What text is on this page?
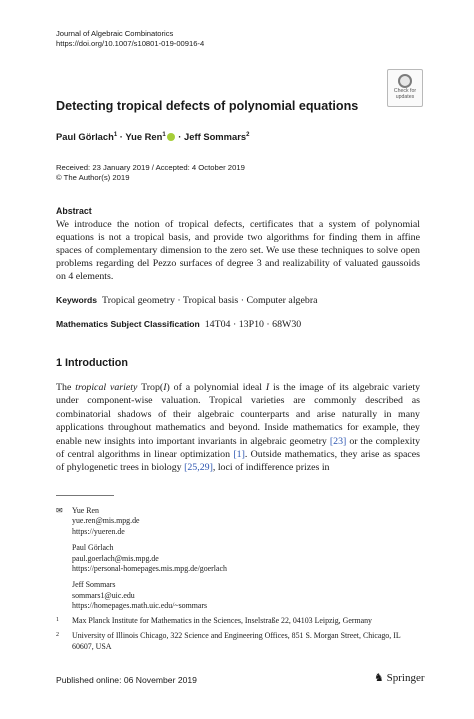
Journal of Algebraic Combinatorics
https://doi.org/10.1007/s10801-019-00916-4
Check for
updates
Detecting tropical defects of polynomial equations
Paul Görlach$^1$ · Yue Ren$^1$ · Jeff Sommars$^2$
Received: 23 January 2019 / Accepted: 4 October 2019
© The Author(s) 2019
Abstract
We introduce the notion of tropical defects, certificates that a system of polynomial equations is not a tropical basis, and provide two algorithms for finding them in affine spaces of complementary dimension to the zero set. We use these techniques to solve open problems regarding del Pezzo surfaces of degree 3 and realizability of valuated gaussoids on 4 elements.
Keywords Tropical geometry · Tropical basis · Computer algebra
Mathematics Subject Classification 14T04 · 13P10 · 68W30
1 Introduction
The tropical variety Trop(I) of a polynomial ideal I is the image of its algebraic variety under component-wise valuation. Tropical varieties are commonly described as combinatorial shadows of their algebraic counterparts and arise naturally in many applications throughout mathematics and beyond. Inside mathematics for example, they enable new insights into important invariants in algebraic geometry [23] or the complexity of central algorithms in linear optimization [1]. Outside mathematics, they arise as spaces of phylogenetic trees in biology [25,29], loci of indifference prizes in
✉ Yue Ren
yue.ren@mis.mpg.de
https://yueren.de
Paul Görlach
paul.goerlach@mis.mpg.de
https://personal-homepages.mis.mpg.de/goerlach
Jeff Sommars
sommars1@uic.edu
https://homepages.math.uic.edu/~sommars
1 Max Planck Institute for Mathematics in the Sciences, Inselstraße 22, 04103 Leipzig, Germany
2 University of Illinois Chicago, 322 Science and Engineering Offices, 851 S. Morgan Street, Chicago, IL 60607, USA
Published online: 06 November 2019	♞ Springer
